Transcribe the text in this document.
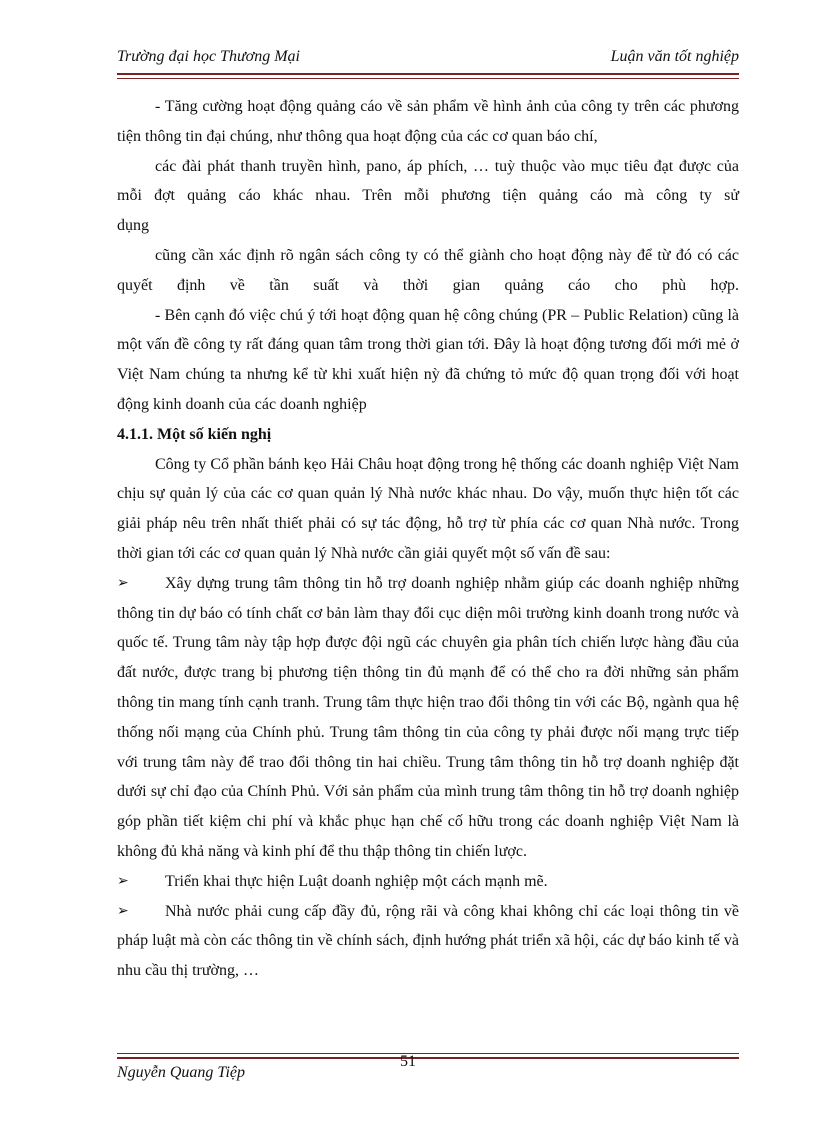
Trường đại học Thương Mại	Luận văn tốt nghiệp

- Tăng cường hoạt động quảng cáo về sản phẩm về hình ảnh của công ty trên các phương tiện thông tin đại chúng, như thông qua hoạt động của các cơ quan báo chí,

các đài phát thanh truyền hình, pano, áp phích, … tuỳ thuộc vào mục tiêu đạt được của mỗi đợt quảng cáo khác nhau. Trên mỗi phương tiện quảng cáo mà công ty sử

dụng

cũng cần xác định rõ ngân sách công ty có thể giành cho hoạt động này để từ đó có các quyết định về tần suất và thời gian quảng cáo cho phù hợp.

- Bên cạnh đó việc chú ý tới hoạt động quan hệ công chúng (PR – Public Relation) cũng là một vấn đề công ty rất đáng quan tâm trong thời gian tới. Đây là hoạt động tương đối mới mẻ ở Việt Nam chúng ta nhưng kể từ khi xuất hiện nỳ đã chứng tỏ mức độ quan trọng đối với hoạt động kinh doanh của các doanh nghiệp

4.1.1. Một số kiến nghị

Công ty Cổ phần bánh kẹo Hải Châu hoạt động trong hệ thống các doanh nghiệp Việt Nam chịu sự quản lý của các cơ quan quản lý Nhà nước khác nhau. Do vậy, muốn thực hiện tốt các giải pháp nêu trên nhất thiết phải có sự tác động, hỗ trợ từ phía các cơ quan Nhà nước. Trong thời gian tới các cơ quan quản lý Nhà nước cần giải quyết một số vấn đề sau:

➢ Xây dựng trung tâm thông tin hỗ trợ doanh nghiệp nhằm giúp các doanh nghiệp những thông tin dự báo có tính chất cơ bản làm thay đổi cục diện môi trường kinh doanh trong nước và quốc tế. Trung tâm này tập hợp được đội ngũ các chuyên gia phân tích chiến lược hàng đầu của đất nước, được trang bị phương tiện thông tin đủ mạnh để có thể cho ra đời những sản phẩm thông tin mang tính cạnh tranh. Trung tâm thực hiện trao đổi thông tin với các Bộ, ngành qua hệ thống nối mạng của Chính phủ. Trung tâm thông tin của công ty phải được nối mạng trực tiếp với trung tâm này để trao đổi thông tin hai chiều. Trung tâm thông tin hỗ trợ doanh nghiệp đặt dưới sự chỉ đạo của Chính Phủ. Với sản phẩm của mình trung tâm thông tin hỗ trợ doanh nghiệp góp phần tiết kiệm chi phí và khắc phục hạn chế cố hữu trong các doanh nghiệp Việt Nam là không đủ khả năng và kinh phí để thu thập thông tin chiến lược.

➢ Triển khai thực hiện Luật doanh nghiệp một cách mạnh mẽ.

➢ Nhà nước phải cung cấp đầy đủ, rộng rãi và công khai không chỉ các loại thông tin về pháp luật mà còn các thông tin về chính sách, định hướng phát triển xã hội, các dự báo kinh tế và nhu cầu thị trường, …

51
Nguyễn Quang Tiệp
